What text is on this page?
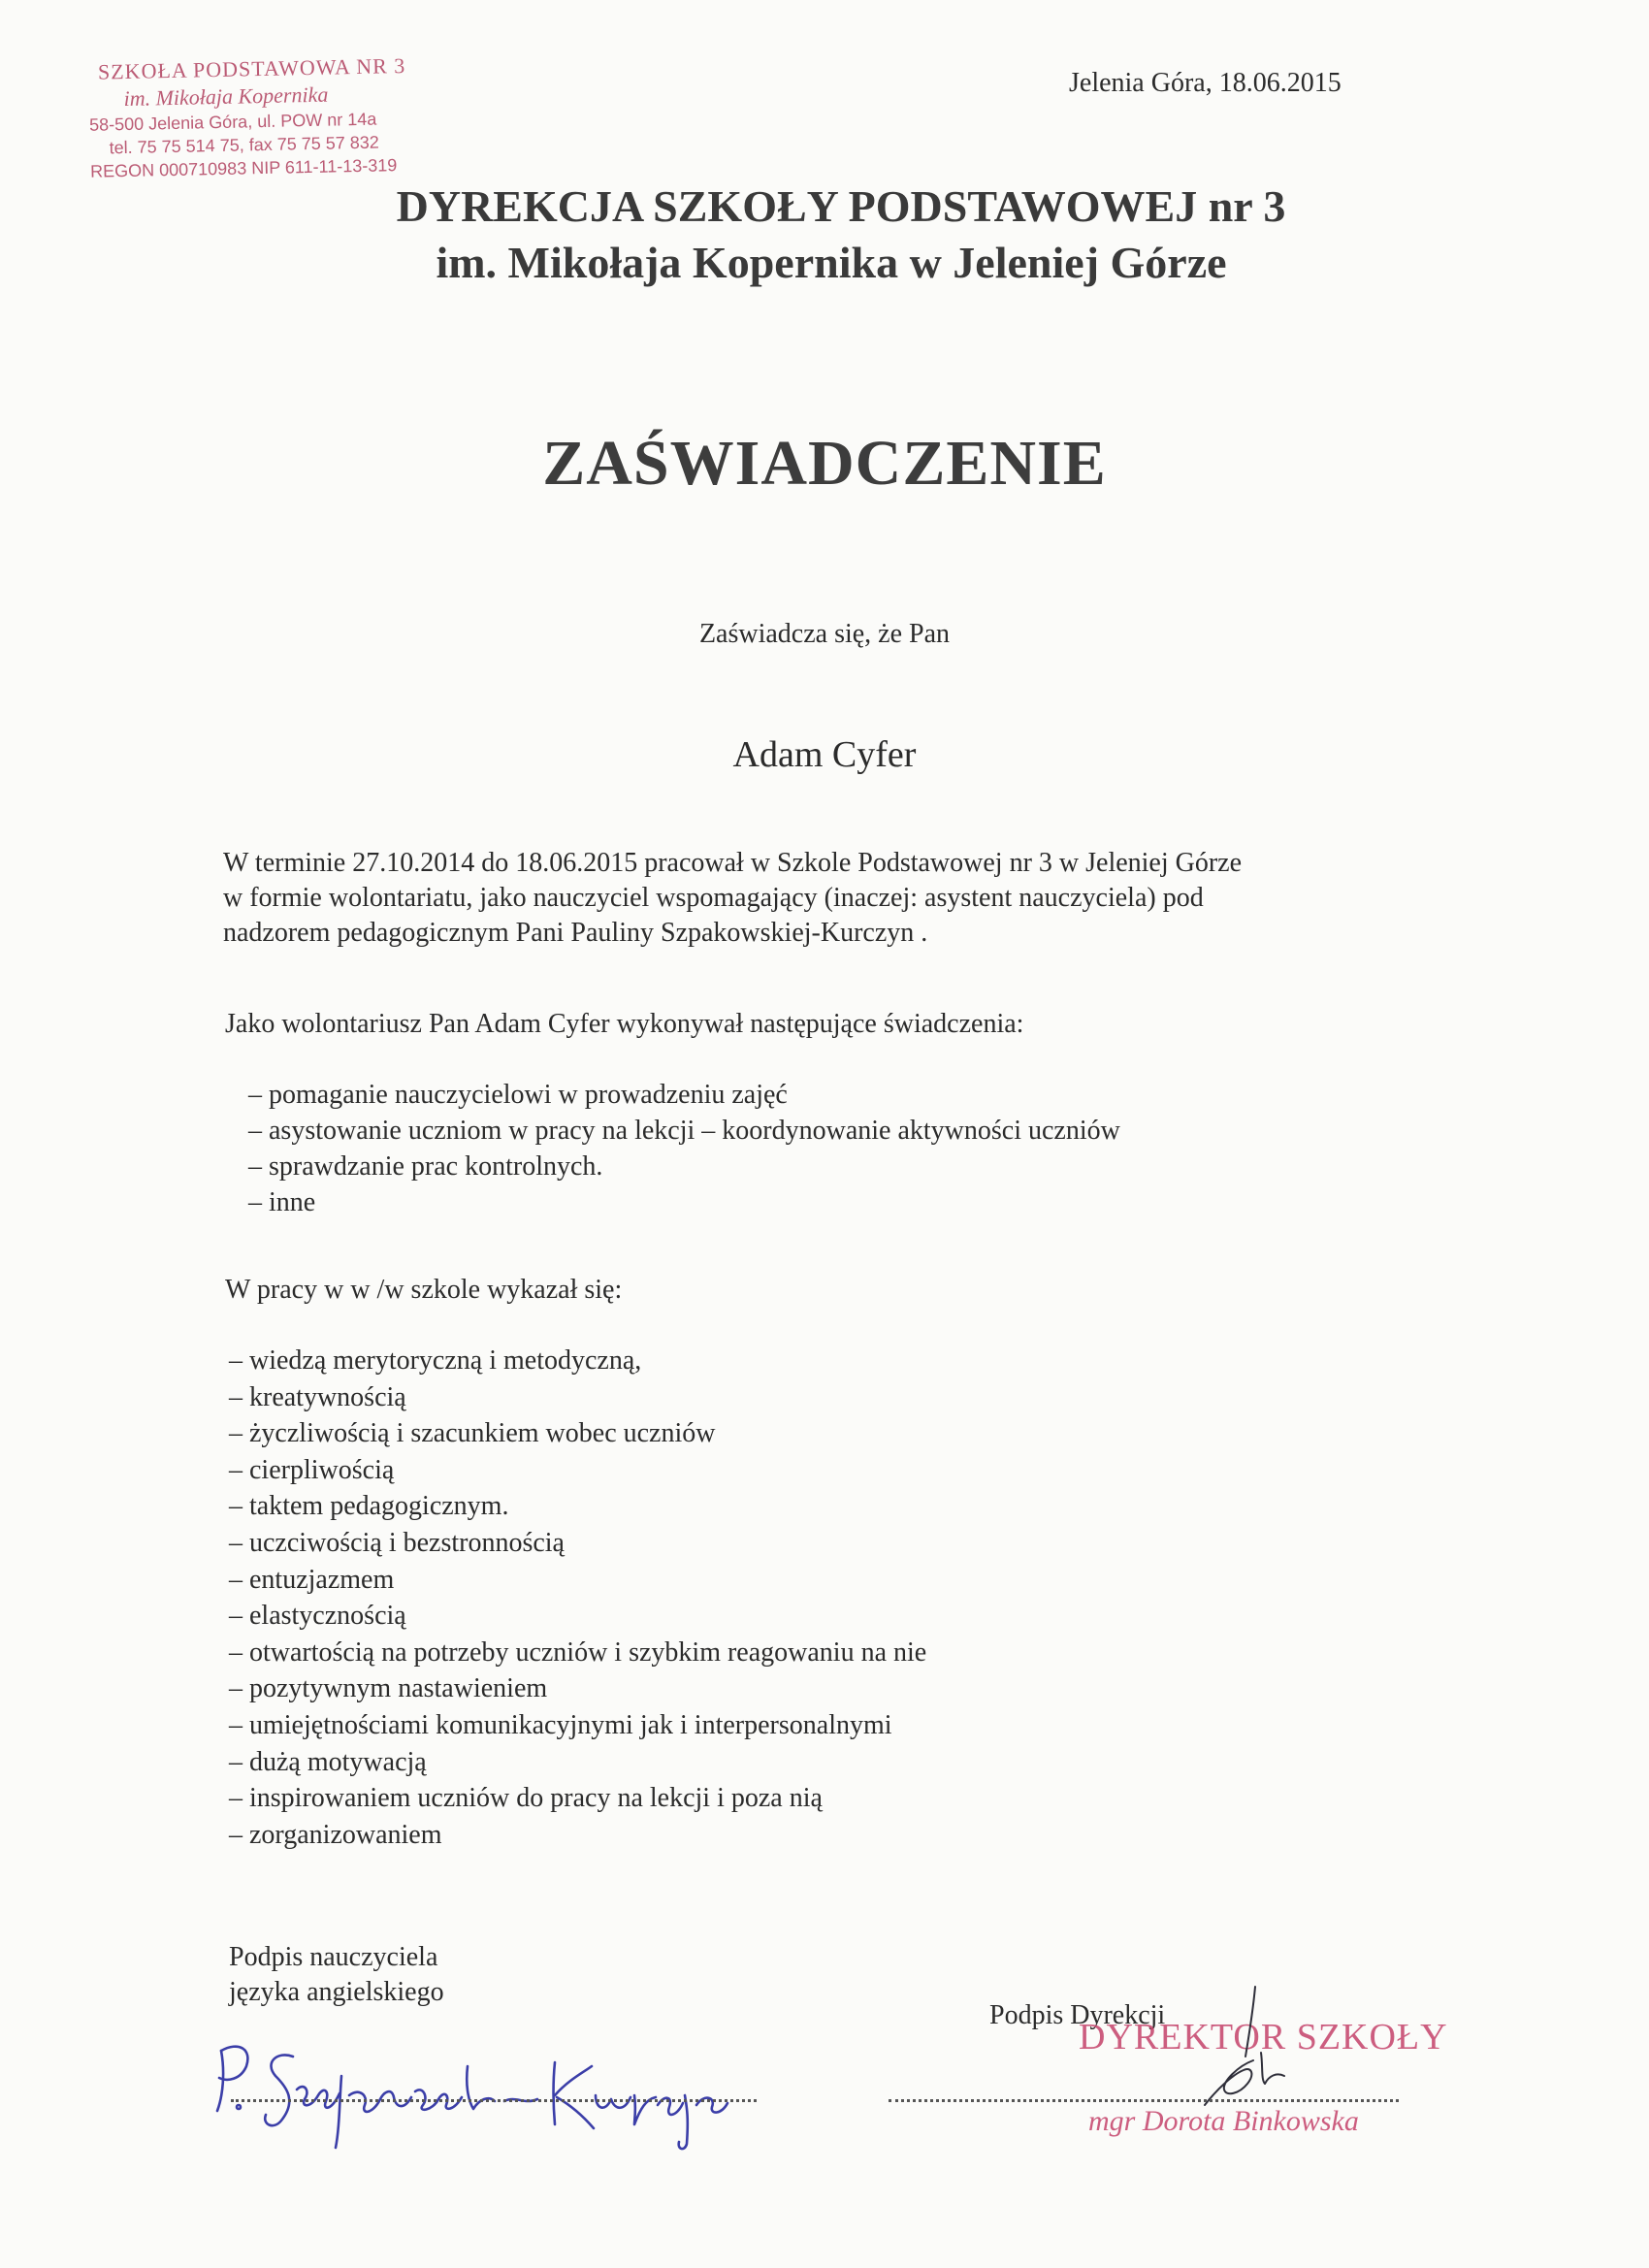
SZKOŁA PODSTAWOWA NR 3
im. Mikołaja Kopernika
58-500 Jelenia Góra, ul. POW nr 14a
tel. 75 75 514 75, fax 75 75 57 832
REGON 000710983 NIP 611-11-13-319
Jelenia Góra, 18.06.2015
DYREKCJA SZKOŁY PODSTAWOWEJ nr 3
im. Mikołaja Kopernika w Jeleniej Górze
ZAŚWIADCZENIE
Zaświadcza się, że Pan
Adam Cyfer
W terminie 27.10.2014 do 18.06.2015 pracował w Szkole Podstawowej nr 3 w Jeleniej Górze
w formie wolontariatu, jako nauczyciel wspomagający (inaczej: asystent nauczyciela) pod
nadzorem pedagogicznym Pani Pauliny Szpakowskiej-Kurczyn .
Jako wolontariusz Pan Adam Cyfer wykonywał następujące świadczenia:
– pomaganie nauczycielowi w prowadzeniu zajęć
– asystowanie uczniom w pracy na lekcji – koordynowanie aktywności uczniów
– sprawdzanie prac kontrolnych.
– inne
W pracy w w /w szkole wykazał się:
– wiedzą merytoryczną i metodyczną,
– kreatywnością
– życzliwością i szacunkiem wobec uczniów
– cierpliwością
– taktem pedagogicznym.
– uczciwością i bezstronnością
– entuzjazmem
– elastycznością
– otwartością na potrzeby uczniów i szybkim reagowaniu na nie
– pozytywnym nastawieniem
– umiejętnościami komunikacyjnymi jak i interpersonalnymi
– dużą motywacją
– inspirowaniem uczniów do pracy na lekcji i poza nią
– zorganizowaniem
Podpis nauczyciela
języka angielskiego
Podpis Dyrekcji
DYREKTOR SZKOŁY
mgr Dorota Binkowska
